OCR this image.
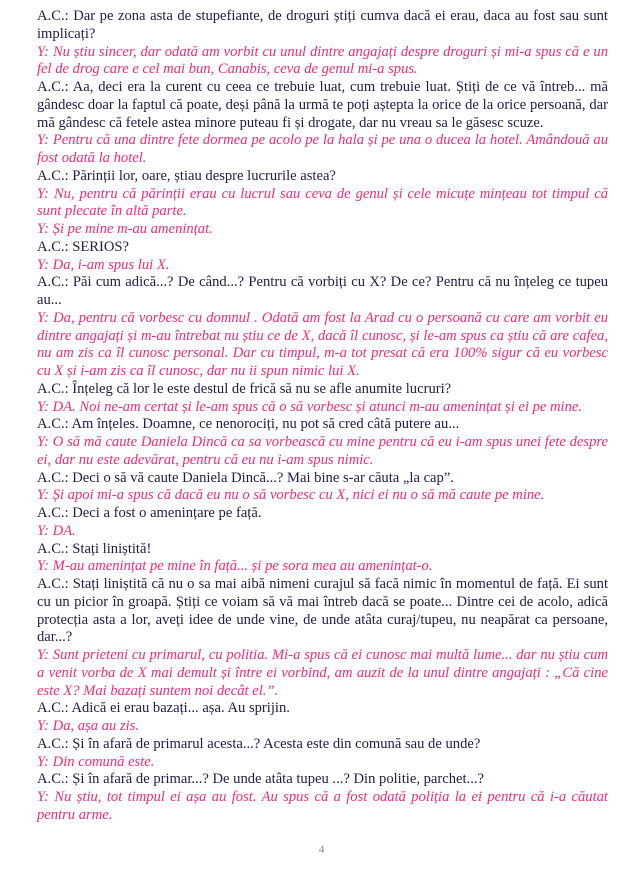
A.C.: Dar pe zona asta de stupefiante, de droguri știți cumva dacă ei erau, daca au fost sau sunt implicați?

Y: Nu știu sincer, dar odată am vorbit cu unul dintre angajați despre droguri și mi-a spus că e un fel de drog care e cel mai bun, Canabis, ceva de genul mi-a spus.

A.C.: Aa, deci era la curent cu ceea ce trebuie luat, cum trebuie luat. Știți de ce vă întreb... mă gândesc doar la faptul că poate, deși până la urmă te poți aștepta la orice de la orice persoană, dar mă gândesc că fetele astea minore puteau fi și drogate, dar nu vreau sa le găsesc scuze.

Y: Pentru că una dintre fete dormea pe acolo pe la hala și pe una o ducea la hotel. Amândouă au fost odată la hotel.

A.C.: Părinții lor, oare, știau despre lucrurile astea?

Y: Nu, pentru că părinții erau cu lucrul sau ceva de genul și cele micuțe mințeau tot timpul că sunt plecate în altă parte.

Y: Și pe mine m-au amenințat.

A.C.: SERIOS?

Y: Da, i-am spus lui X.

A.C.: Păi cum adică...? De când...? Pentru că vorbiți cu X? De ce? Pentru că nu înțeleg ce tupeu au...

Y: Da, pentru că vorbesc cu domnul . Odată am fost la Arad cu o persoană cu care am vorbit eu dintre angajați și m-au întrebat nu știu ce de X, dacă îl cunosc, și le-am spus ca știu că are cafea, nu am zis ca îl cunosc personal. Dar cu timpul, m-a tot presat că era 100% sigur că eu vorbesc cu X și i-am zis ca îl cunosc, dar nu ii spun nimic lui X.

A.C.: Înțeleg că lor le este destul de frică să nu se afle anumite lucruri?

Y: DA. Noi ne-am certat și le-am spus că o să vorbesc și atunci m-au amenințat și ei pe mine.

A.C.: Am înțeles. Doamne, ce nenorociți, nu pot să cred câtă putere au...

Y: O să mă caute Daniela Dincă ca sa vorbească cu mine pentru că eu i-am spus unei fete despre ei, dar nu este adevărat, pentru că eu nu i-am spus nimic.

A.C.: Deci o să vă caute Daniela Dincă...? Mai bine s-ar căuta „la cap”.

Y: Și apoi mi-a spus că dacă eu nu o să vorbesc cu X, nici ei nu o să mă caute pe mine.

A.C.: Deci a fost o amenințare pe față.

Y: DA.

A.C.: Stați liniștită!

Y: M-au amenințat pe mine în față... și pe sora mea au amenințat-o.

A.C.: Stați liniștită că nu o sa mai aibă nimeni curajul să facă nimic în momentul de față. Ei sunt cu un picior în groapă. Știți ce voiam să vă mai întreb dacă se poate... Dintre cei de acolo, adică protecția asta a lor, aveți idee de unde vine, de unde atâta curaj/tupeu, nu neapărat ca persoane, dar...?

Y: Sunt prieteni cu primarul, cu politia. Mi-a spus că ei cunosc mai multă lume... dar nu știu cum a venit vorba de X mai demult și între ei vorbind, am auzit de la unul dintre angajați : „Că cine este X? Mai bazați suntem noi decât el.”.

A.C.: Adică ei erau bazați... așa. Au sprijin.

Y: Da, așa au zis.

A.C.: Și în afară de primarul acesta...? Acesta este din comună sau de unde?

Y: Din comună este.

A.C.: Și în afară de primar...? De unde atâta tupeu ...? Din politie, parchet...?

Y: Nu știu, tot timpul ei așa au fost. Au spus că a fost odată poliția la ei pentru că i-a căutat pentru arme.

4
